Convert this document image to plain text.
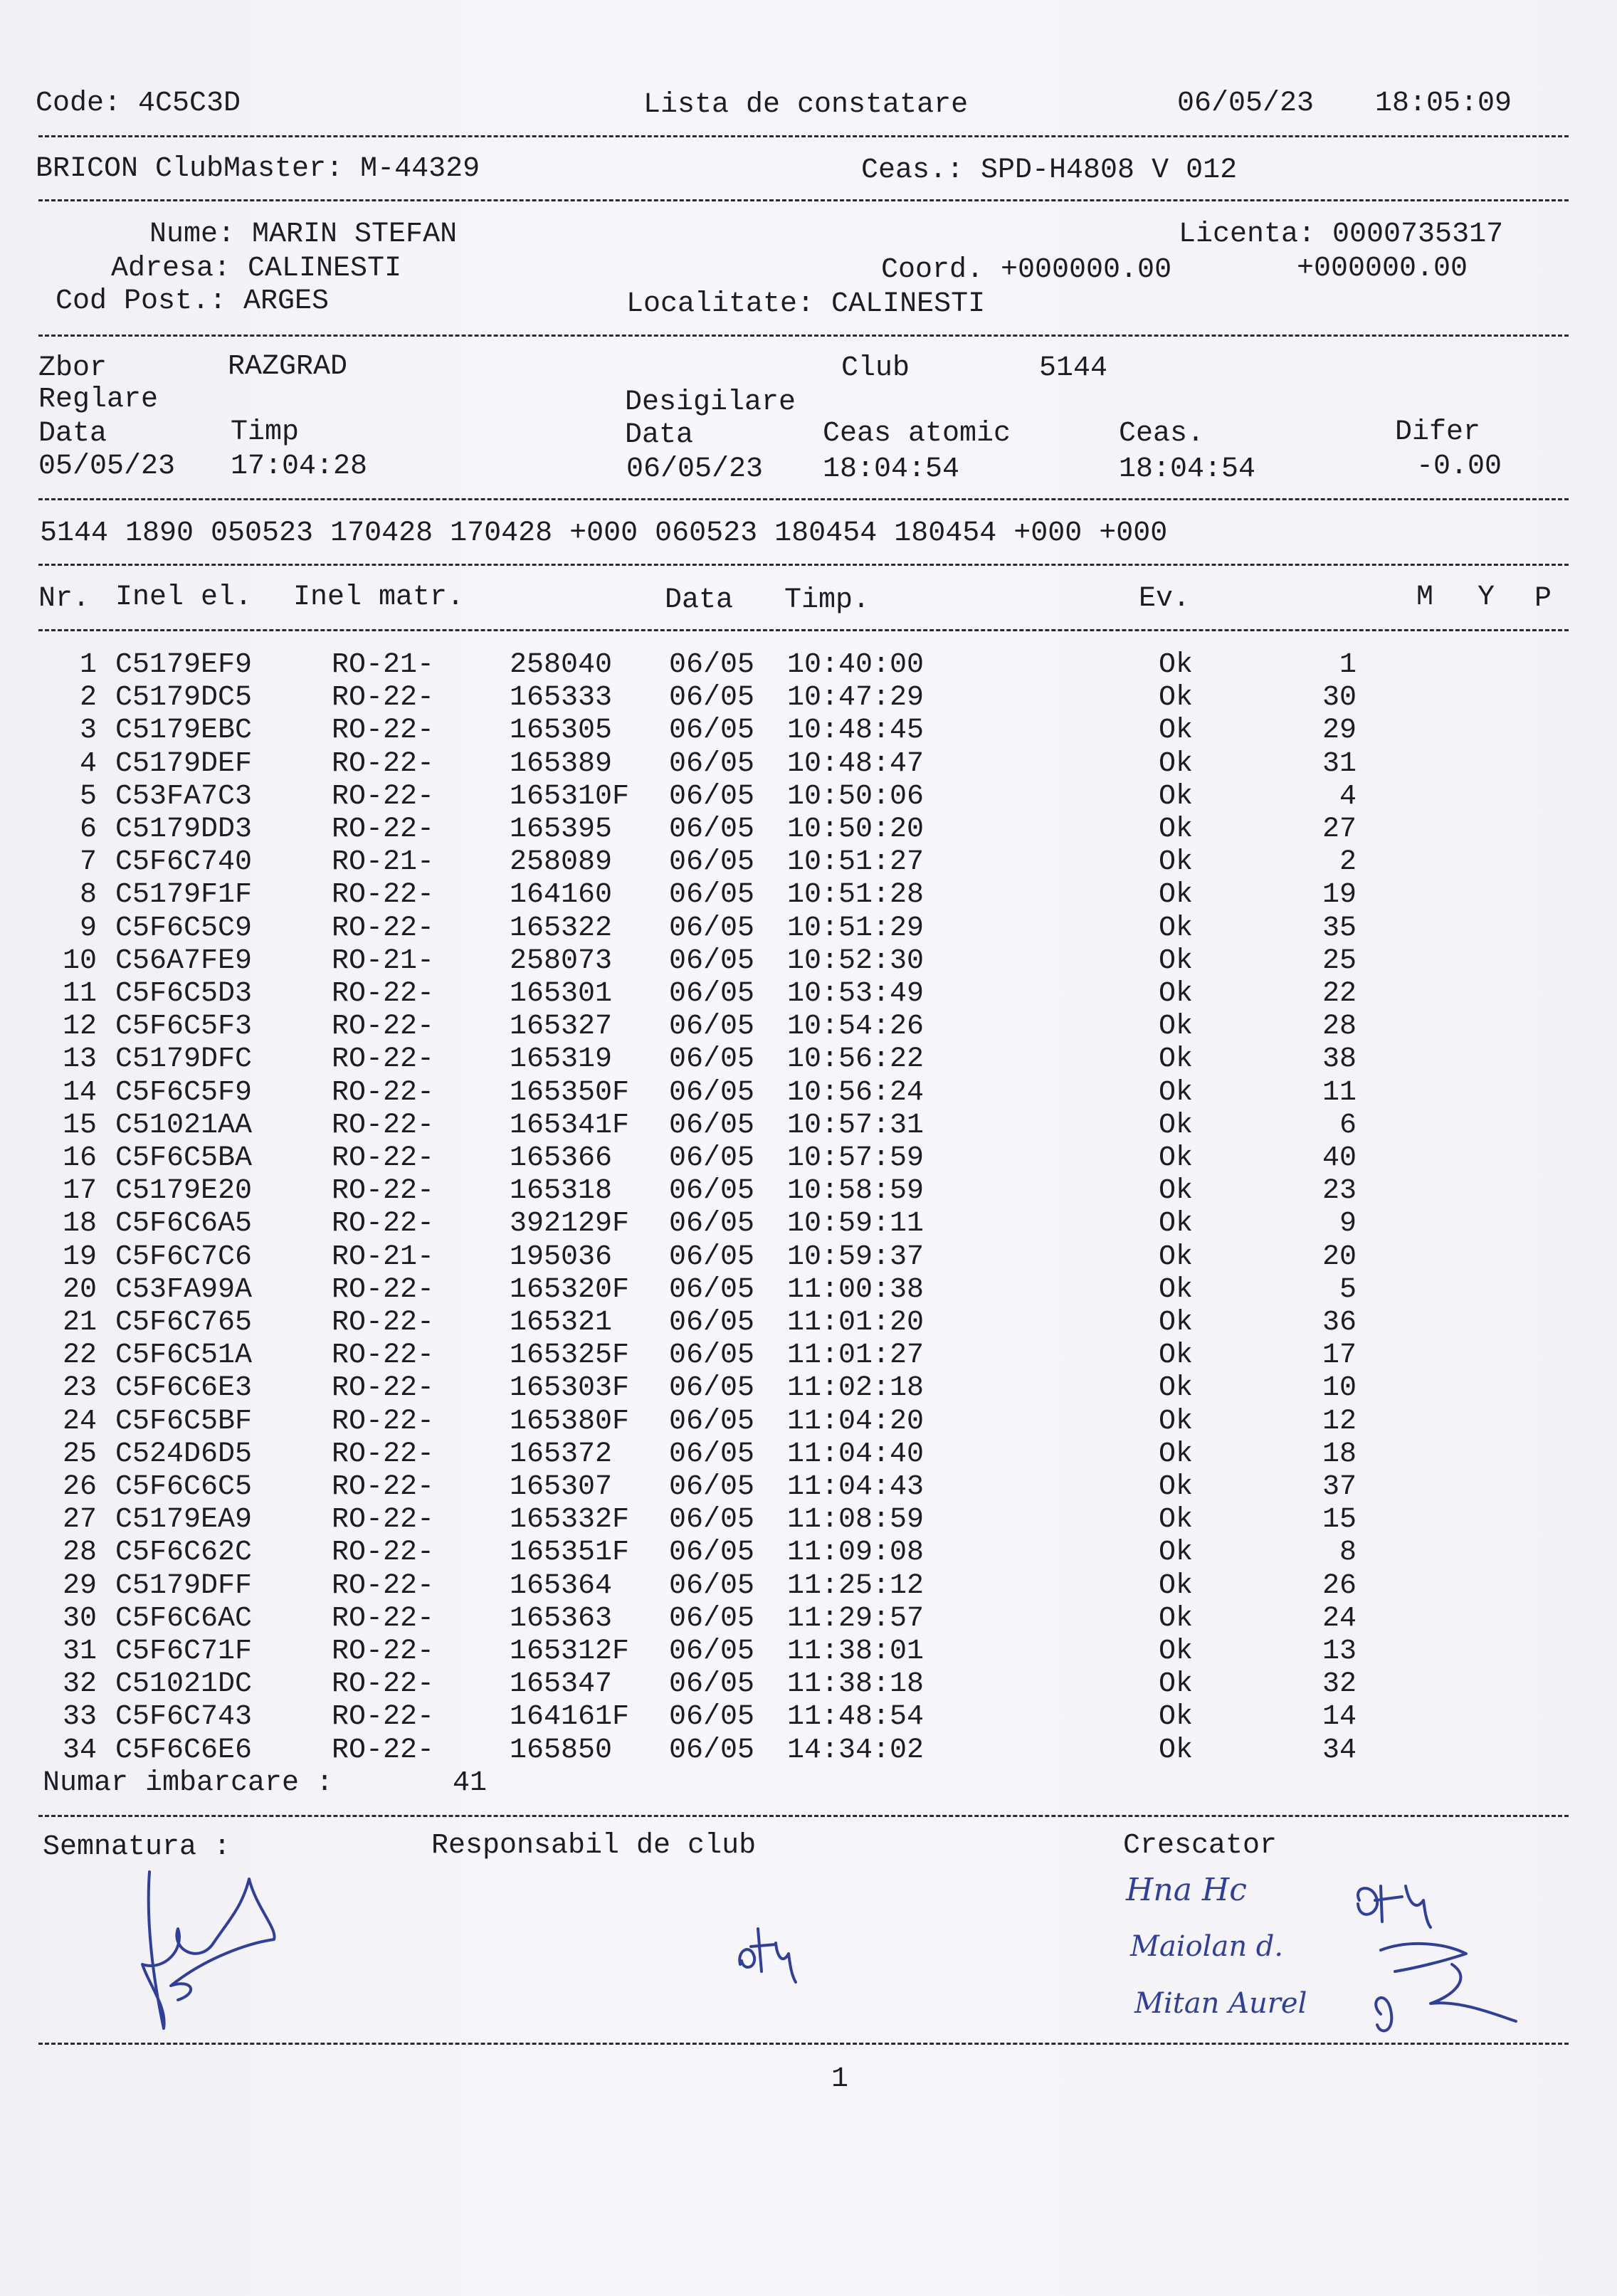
Code: 4C5C3D	Lista de constatare	06/05/23 18:05:09
BRICON ClubMaster: M-44329	Ceas.: SPD-H4808 V 012
Nume: MARIN STEFAN	Licenta: 0000735317
Adresa: CALINESTI	Coord. +000000.00	+000000.00
Cod Post.: ARGES	Localitate: CALINESTI
Zbor	RAZGRAD	Club	5144
Reglare	Desigilare
Data	Timp	Data	Ceas atomic	Ceas.	Difer
05/05/23 17:04:28	06/05/23 18:04:54	18:04:54	-0.00
5144 1890 050523 170428 170428 +000 060523 180454 180454 +000 +000
Nr. Inel el. Inel matr.	Data Timp.	Ev.	M Y P
1 C5179EF9	RO-21-	258040 06/05 10:40:00	Ok	1
2 C5179DC5	RO-22-	165333 06/05 10:47:29	Ok	30
3 C5179EBC	RO-22-	165305 06/05 10:48:45	Ok	29
4 C5179DEF	RO-22-	165389 06/05 10:48:47	Ok	31
5 C53FA7C3	RO-22-	165310F 06/05 10:50:06	Ok	4
6 C5179DD3	RO-22-	165395 06/05 10:50:20	Ok	27
7 C5F6C740	RO-21-	258089 06/05 10:51:27	Ok	2
8 C5179F1F	RO-22-	164160 06/05 10:51:28	Ok	19
9 C5F6C5C9	RO-22-	165322 06/05 10:51:29	Ok	35
10 C56A7FE9	RO-21-	258073 06/05 10:52:30	Ok	25
11 C5F6C5D3	RO-22-	165301 06/05 10:53:49	Ok	22
12 C5F6C5F3	RO-22-	165327 06/05 10:54:26	Ok	28
13 C5179DFC	RO-22-	165319 06/05 10:56:22	Ok	38
14 C5F6C5F9	RO-22-	165350F 06/05 10:56:24	Ok	11
15 C51021AA	RO-22-	165341F 06/05 10:57:31	Ok	6
16 C5F6C5BA	RO-22-	165366 06/05 10:57:59	Ok	40
17 C5179E20	RO-22-	165318 06/05 10:58:59	Ok	23
18 C5F6C6A5	RO-22-	392129F 06/05 10:59:11	Ok	9
19 C5F6C7C6	RO-21-	195036 06/05 10:59:37	Ok	20
20 C53FA99A	RO-22-	165320F 06/05 11:00:38	Ok	5
21 C5F6C765	RO-22-	165321 06/05 11:01:20	Ok	36
22 C5F6C51A	RO-22-	165325F 06/05 11:01:27	Ok	17
23 C5F6C6E3	RO-22-	165303F 06/05 11:02:18	Ok	10
24 C5F6C5BF	RO-22-	165380F 06/05 11:04:20	Ok	12
25 C524D6D5	RO-22-	165372 06/05 11:04:40	Ok	18
26 C5F6C6C5	RO-22-	165307 06/05 11:04:43	Ok	37
27 C5179EA9	RO-22-	165332F 06/05 11:08:59	Ok	15
28 C5F6C62C	RO-22-	165351F 06/05 11:09:08	Ok	8
29 C5179DFF	RO-22-	165364 06/05 11:25:12	Ok	26
30 C5F6C6AC	RO-22-	165363 06/05 11:29:57	Ok	24
31 C5F6C71F	RO-22-	165312F 06/05 11:38:01	Ok	13
32 C51021DC	RO-22-	165347 06/05 11:38:18	Ok	32
33 C5F6C743	RO-22-	164161F 06/05 11:48:54	Ok	14
34 C5F6C6E6	RO-22-	165850 06/05 14:34:02	Ok	34
Numar imbarcare :	41
Semnatura :	Responsabil de club	Crescator
Hna Hc
Maiolan d.
Mitan Aurel
1
